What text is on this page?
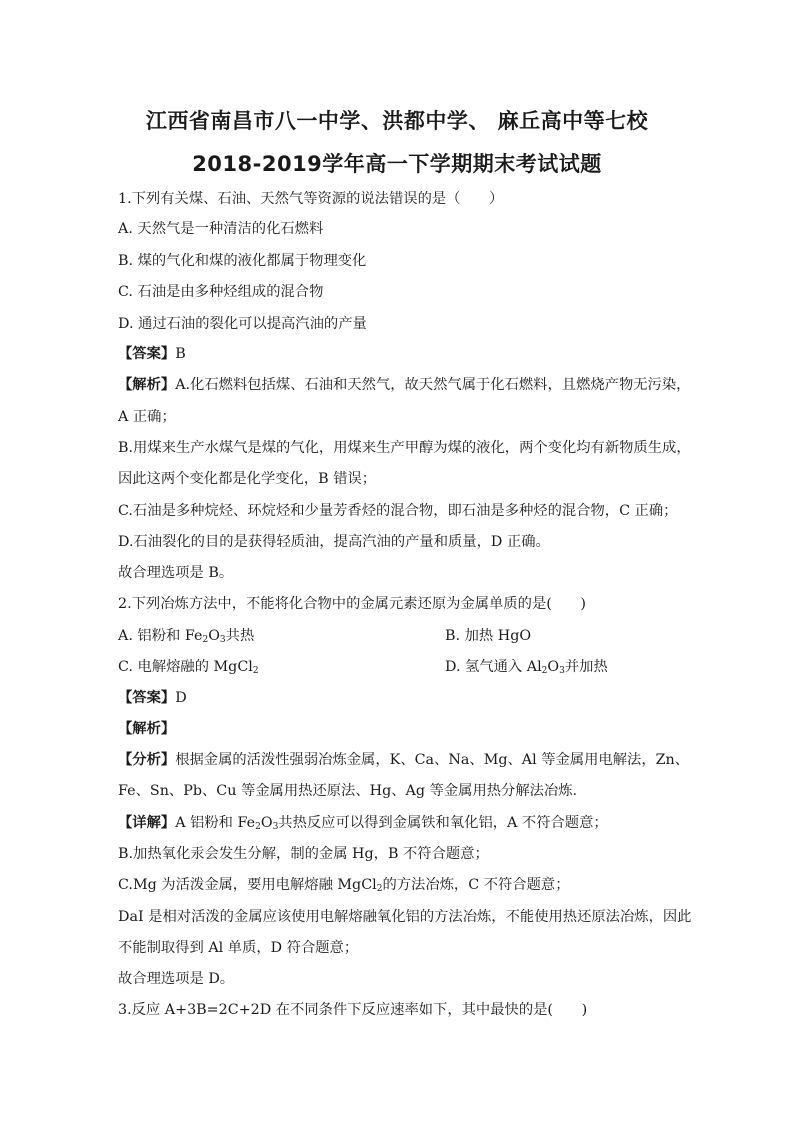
江西省南昌市八一中学、洪都中学、 麻丘高中等七校
2018-2019学年高一下学期期末考试试题
1.下列有关煤、石油、天然气等资源的说法错误的是（　　）
A. 天然气是一种清洁的化石燃料
B. 煤的气化和煤的液化都属于物理变化
C. 石油是由多种烃组成的混合物
D. 通过石油的裂化可以提高汽油的产量
【答案】B
【解析】A.化石燃料包括煤、石油和天然气，故天然气属于化石燃料，且燃烧产物无污染，
A 正确；
B.用煤来生产水煤气是煤的气化，用煤来生产甲醇为煤的液化，两个变化均有新物质生成，
因此这两个变化都是化学变化，B 错误；
C.石油是多种烷烃、环烷烃和少量芳香烃的混合物，即石油是多种烃的混合物，C 正确；
D.石油裂化的目的是获得轻质油，提高汽油的产量和质量，D 正确。
故合理选项是 B。
2.下列冶炼方法中，不能将化合物中的金属元素还原为金属单质的是(　　)
A. 铝粉和 $Fe_2O_3$共热	B. 加热 HgO
C. 电解熔融的 MgCl$_2$	D. 氢气通入 $Al_2O_3$并加热
【答案】D
【解析】
【分析】根据金属的活泼性强弱冶炼金属，K、Ca、Na、Mg、Al 等金属用电解法，Zn、
Fe、Sn、Pb、Cu 等金属用热还原法、Hg、Ag 等金属用热分解法冶炼.
【详解】A 铝粉和 $Fe_2O_3$共热反应可以得到金属铁和氧化铝，A 不符合题意；
B.加热氧化汞会发生分解，制的金属 Hg，B 不符合题意；
C.Mg 为活泼金属，要用电解熔融 MgCl$_2$的方法冶炼，C 不符合题意；
DaI 是相对活泼的金属应该使用电解熔融氧化铝的方法冶炼，不能使用热还原法冶炼，因此
不能制取得到 Al 单质，D 符合题意；
故合理选项是 D。
3.反应 A+3B=2C+2D 在不同条件下反应速率如下，其中最快的是(　　)
